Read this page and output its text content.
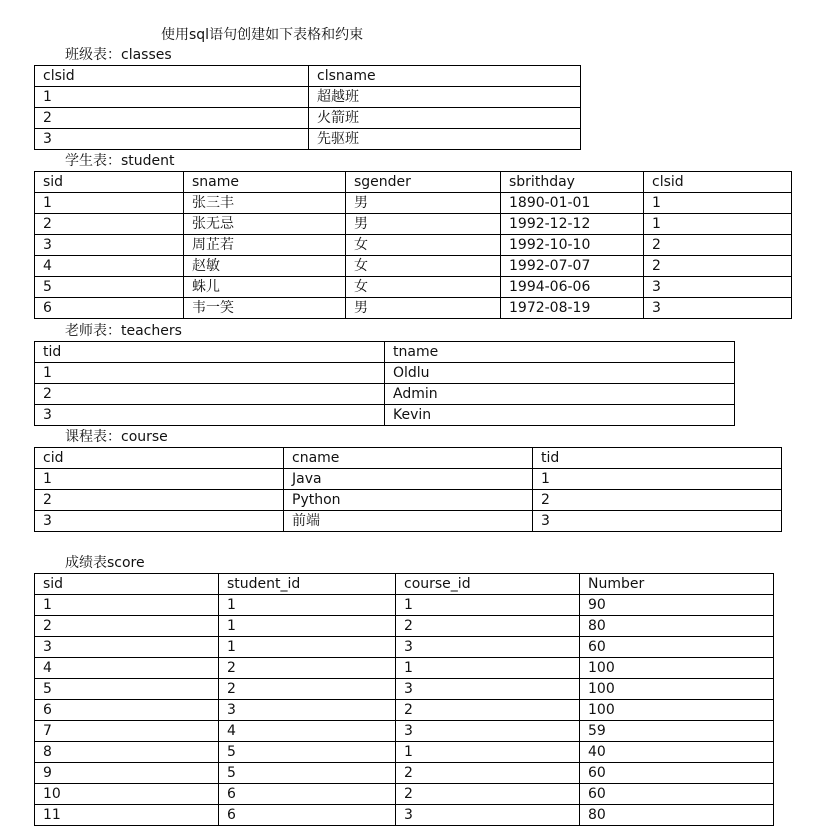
使用sql语句创建如下表格和约束
班级表：classes
clsid	clsname
1	超越班
2	火箭班
3	先驱班
学生表：student
sid	sname	sgender	sbrithday	clsid
1	张三丰	男	1890-01-01	1
2	张无忌	男	1992-12-12	1
3	周芷若	女	1992-10-10	2
4	赵敏	女	1992-07-07	2
5	蛛儿	女	1994-06-06	3
6	韦一笑	男	1972-08-19	3
老师表：teachers
tid	tname
1	Oldlu
2	Admin
3	Kevin
课程表：course
cid	cname	tid
1	Java	1
2	Python	2
3	前端	3
成绩表score
sid	student_id	course_id	Number
1	1	1	90
2	1	2	80
3	1	3	60
4	2	1	100
5	2	3	100
6	3	2	100
7	4	3	59
8	5	1	40
9	5	2	60
10	6	2	60
11	6	3	80
